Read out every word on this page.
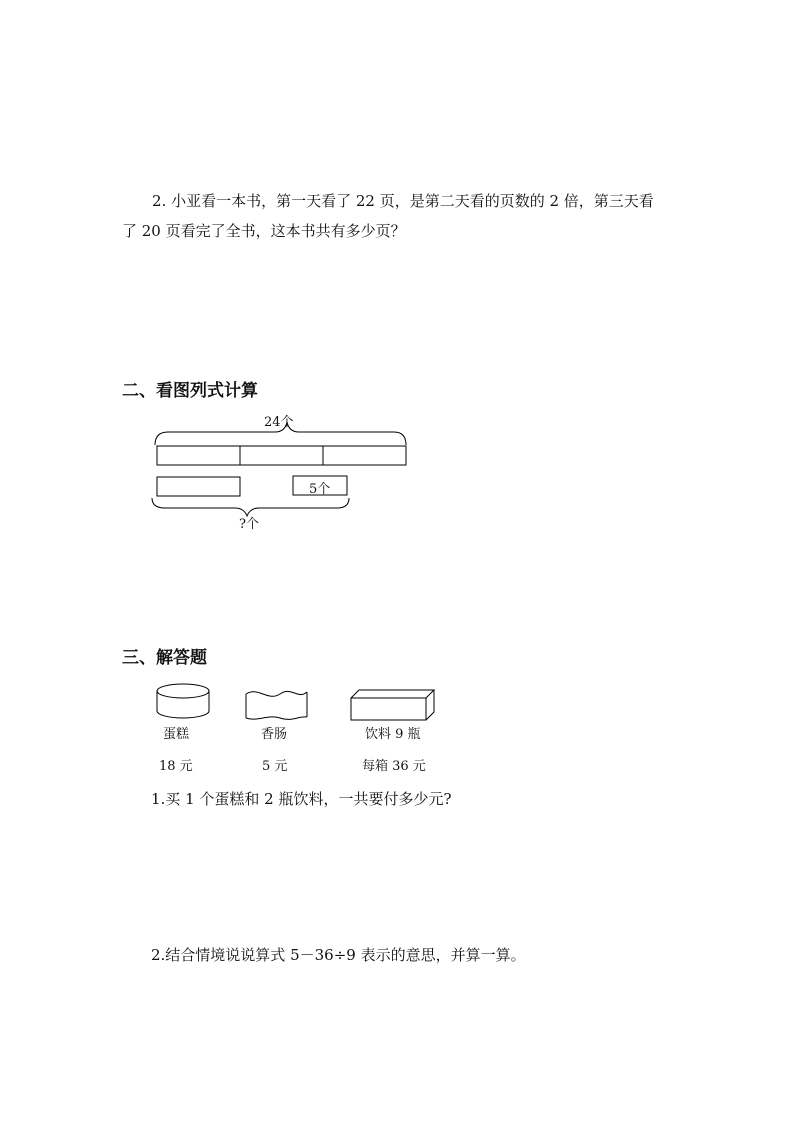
2. 小亚看一本书，第一天看了 22 页，是第二天看的页数的 2 倍，第三天看
了 20 页看完了全书，这本书共有多少页？
二、看图列式计算
24个
5个
?个
三、解答题
蛋糕	香肠	饮料 9 瓶
18 元	5 元	每箱 36 元
1.买 1 个蛋糕和 2 瓶饮料，一共要付多少元?
2.结合情境说说算式 5－36÷9 表示的意思，并算一算。
